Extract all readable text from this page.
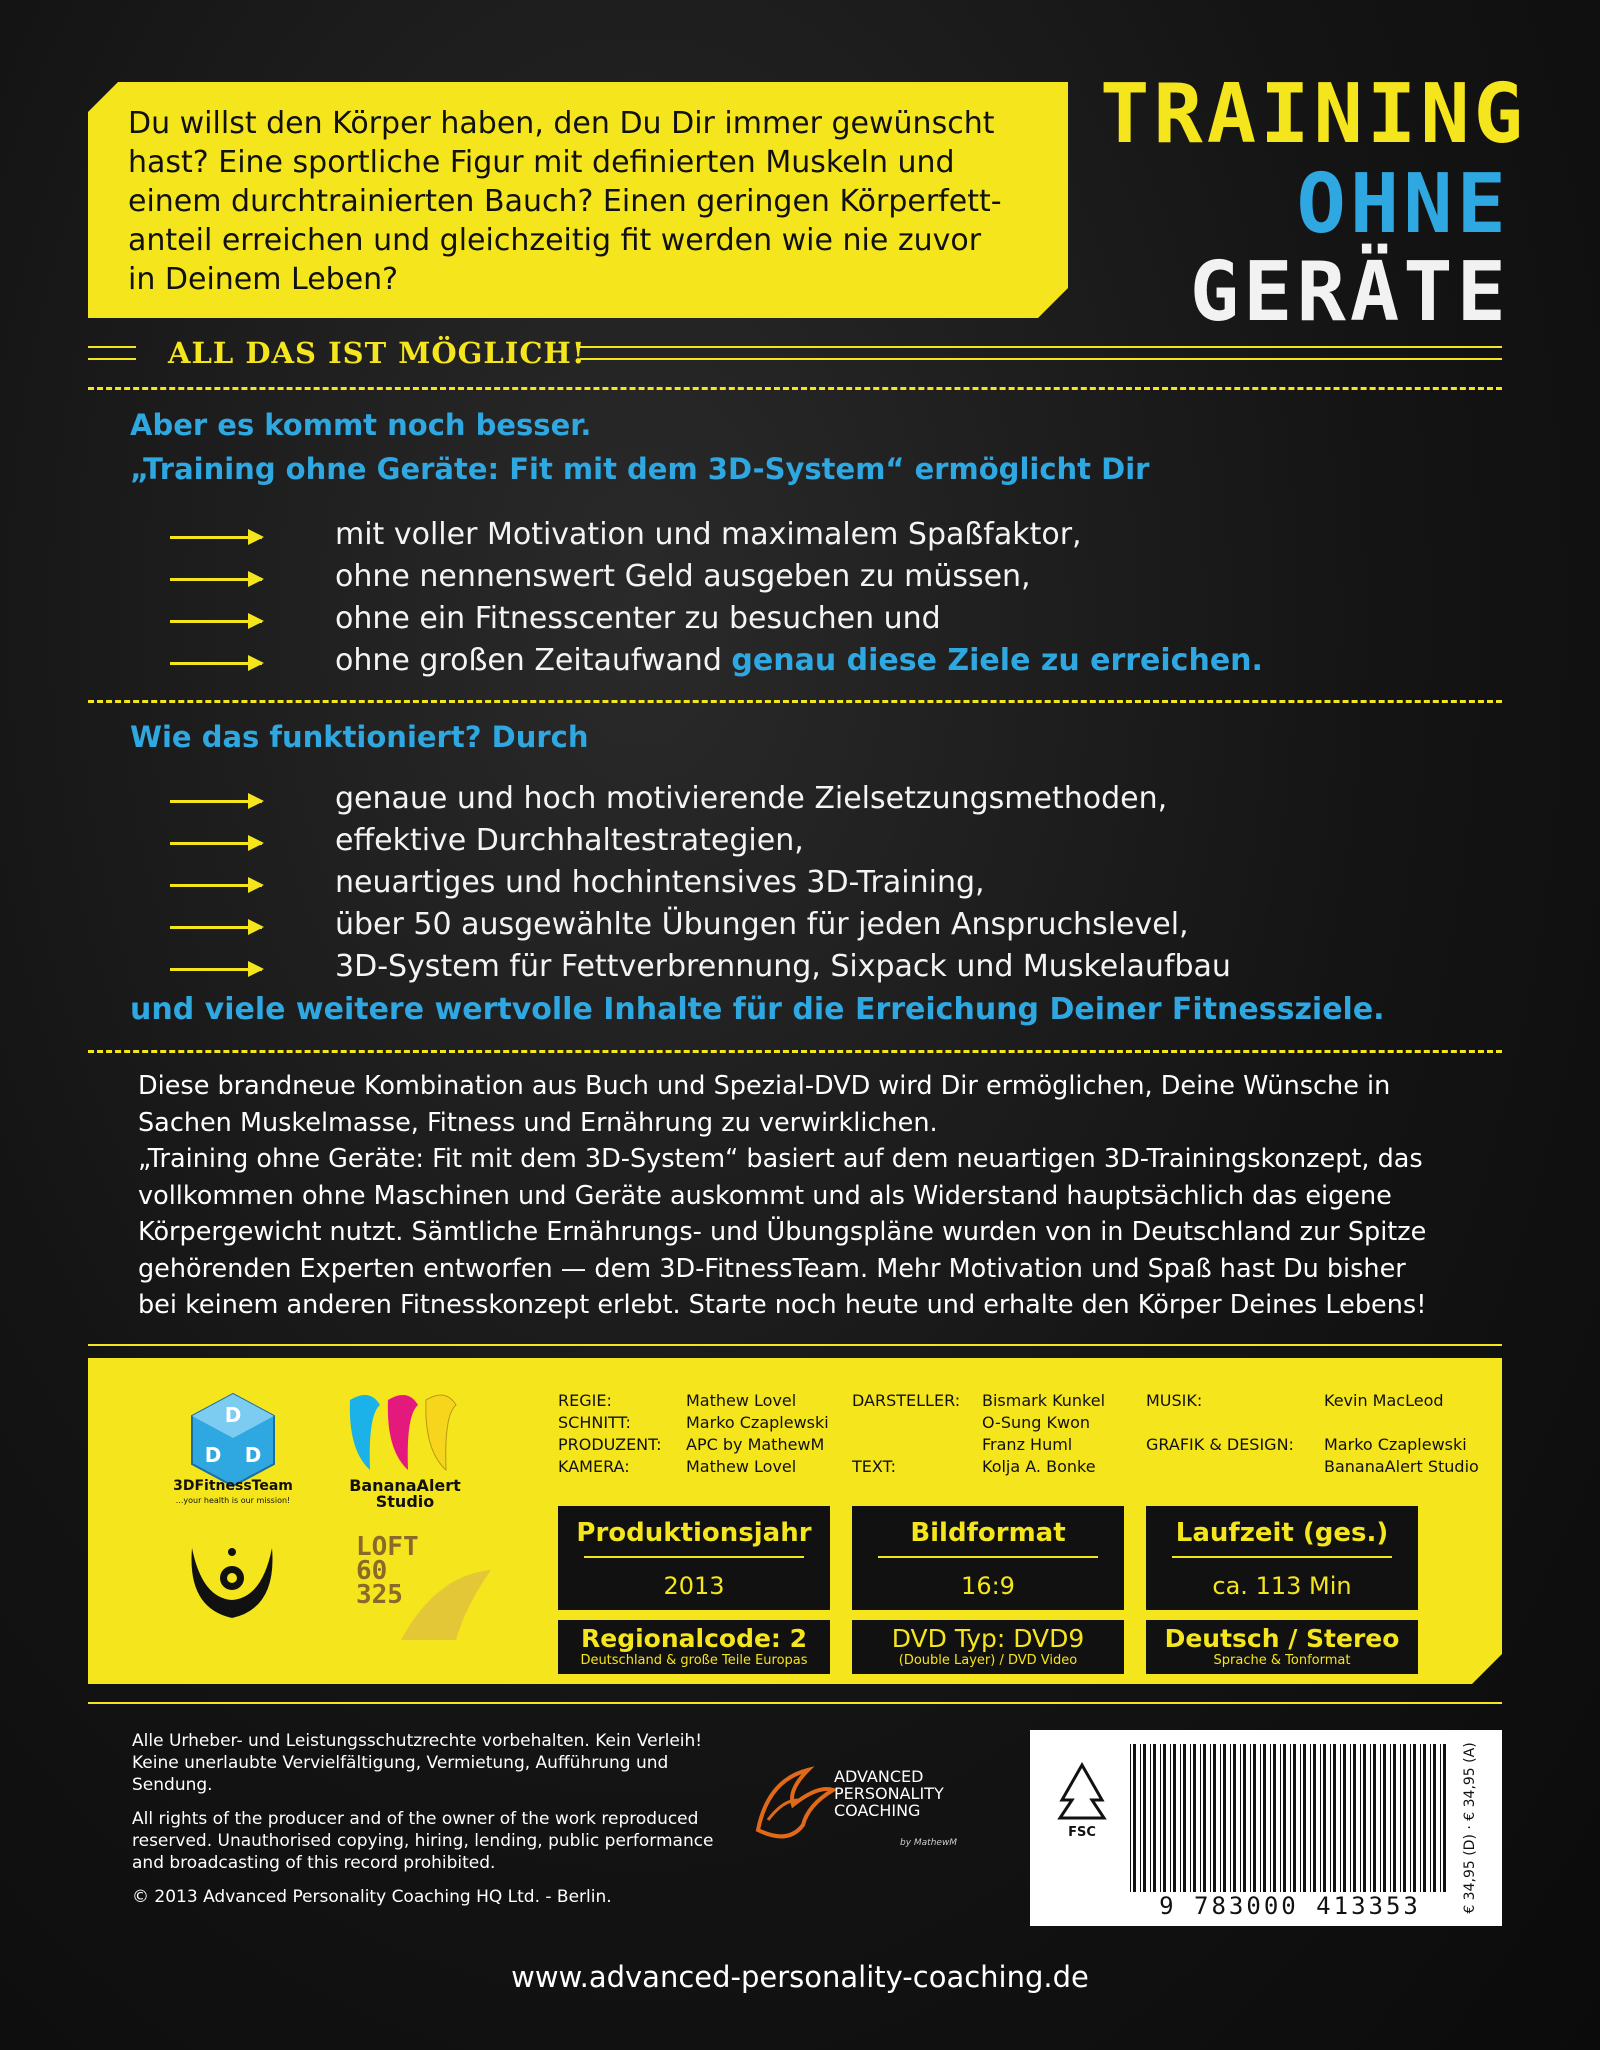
TRAINING
OHNE
GERÄTE
Du willst den Körper haben, den Du Dir immer gewünscht
hast? Eine sportliche Figur mit definierten Muskeln und
einem durchtrainierten Bauch? Einen geringen Körperfett-
anteil erreichen und gleichzeitig fit werden wie nie zuvor
in Deinem Leben?
ALL DAS IST MÖGLICH!
Aber es kommt noch besser.
„Training ohne Geräte: Fit mit dem 3D-System“ ermöglicht Dir
mit voller Motivation und maximalem Spaßfaktor,
ohne nennenswert Geld ausgeben zu müssen,
ohne ein Fitnesscenter zu besuchen und
ohne großen Zeitaufwand genau diese Ziele zu erreichen.
Wie das funktioniert? Durch
genaue und hoch motivierende Zielsetzungsmethoden,
effektive Durchhaltestrategien,
neuartiges und hochintensives 3D-Training,
über 50 ausgewählte Übungen für jeden Anspruchslevel,
3D-System für Fettverbrennung, Sixpack und Muskelaufbau
und viele weitere wertvolle Inhalte für die Erreichung Deiner Fitnessziele.
Diese brandneue Kombination aus Buch und Spezial-DVD wird Dir ermöglichen, Deine Wünsche in
Sachen Muskelmasse, Fitness und Ernährung zu verwirklichen.
„Training ohne Geräte: Fit mit dem 3D-System“ basiert auf dem neuartigen 3D-Trainingskonzept, das
vollkommen ohne Maschinen und Geräte auskommt und als Widerstand hauptsächlich das eigene
Körpergewicht nutzt. Sämtliche Ernährungs- und Übungspläne wurden von in Deutschland zur Spitze
gehörenden Experten entworfen — dem 3D-FitnessTeam. Mehr Motivation und Spaß hast Du bisher
bei keinem anderen Fitnesskonzept erlebt. Starte noch heute und erhalte den Körper Deines Lebens!
D
D D
3DFitnessTeam
...your health is our mission!
BananaAlert
Studio
LOFT
60
325
REGIE:
SCHNITT:
PRODUZENT:
KAMERA:
Mathew Lovel
Marko Czaplewski
APC by MathewM
Mathew Lovel
DARSTELLER:

TEXT:
Bismark Kunkel
O-Sung Kwon
Franz Huml
Kolja A. Bonke
MUSIK:

GRAFIK & DESIGN:
Kevin MacLeod

Marko Czaplewski
BananaAlert Studio
Produktionsjahr
2013
Bildformat
16:9
Laufzeit (ges.)
ca. 113 Min
Regionalcode: 2
Deutschland & große Teile Europas
DVD Typ: DVD9
(Double Layer) / DVD Video
Deutsch / Stereo
Sprache & Tonformat

Alle Urheber- und Leistungsschutzrechte vorbehalten. Kein Verleih! Keine unerlaubte Vervielfältigung, Vermietung, Aufführung und Sendung.

All rights of the producer and of the owner of the work reproduced reserved. Unauthorised copying, hiring, lending, public performance and broadcasting of this record prohibited.

© 2013 Advanced Personality Coaching HQ Ltd. - Berlin.

ADVANCED
PERSONALITY
COACHING
by MathewM
FSC
9 783000 413353	€ 34,95 (D) · € 34,95 (A)
www.advanced-personality-coaching.de
